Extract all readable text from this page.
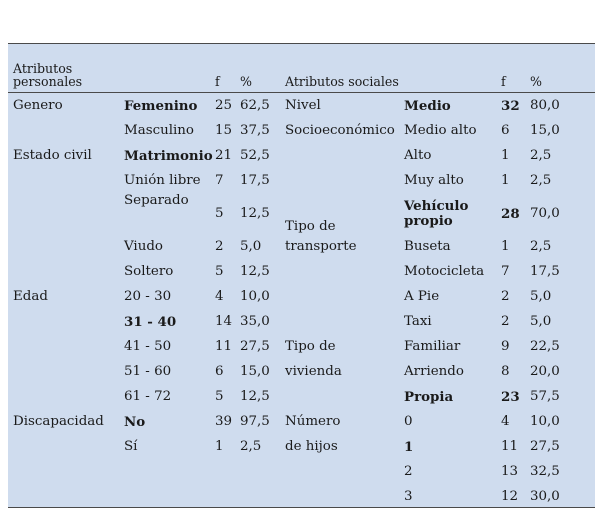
Atributos personales		f	%	Atributos sociales		f	%
Genero	Femenino	25	62,5	Nivel	Medio	32	80,0
	Masculino	15	37,5	Socioeconómico	Medio alto	6	15,0
Estado civil	Matrimonio	21	52,5		Alto	1	2,5
	Unión libre	7	17,5		Muy alto	1	2,5
	Separado	5	12,5	Tipo de	Vehículo propio	28	70,0
	Viudo	2	5,0	transporte	Buseta	1	2,5
	Soltero	5	12,5		Motocicleta	7	17,5
Edad	20 - 30	4	10,0		A Pie	2	5,0
	31 - 40	14	35,0		Taxi	2	5,0
	41 - 50	11	27,5	Tipo de	Familiar	9	22,5
	51 - 60	6	15,0	vivienda	Arriendo	8	20,0
	61 - 72	5	12,5		Propia	23	57,5
Discapacidad	No	39	97,5	Número	0	4	10,0
	Sí	1	2,5	de hijos	1	11	27,5
					2	13	32,5
					3	12	30,0
